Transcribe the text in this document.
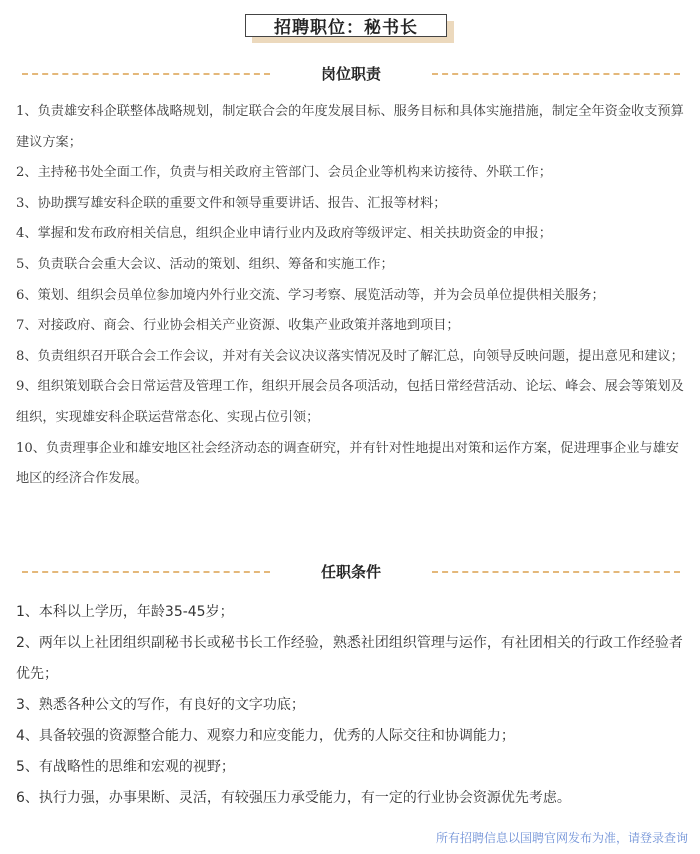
招聘职位：秘书长
岗位职责
1、负责雄安科企联整体战略规划，制定联合会的年度发展目标、服务目标和具体实施措施，制定全年资金收支预算建议方案；
2、主持秘书处全面工作，负责与相关政府主管部门、会员企业等机构来访接待、外联工作；
3、协助撰写雄安科企联的重要文件和领导重要讲话、报告、汇报等材料；
4、掌握和发布政府相关信息，组织企业申请行业内及政府等级评定、相关扶助资金的申报；
5、负责联合会重大会议、活动的策划、组织、筹备和实施工作；
6、策划、组织会员单位参加境内外行业交流、学习考察、展览活动等，并为会员单位提供相关服务；
7、对接政府、商会、行业协会相关产业资源、收集产业政策并落地到项目；
8、负责组织召开联合会工作会议，并对有关会议决议落实情况及时了解汇总，向领导反映问题，提出意见和建议；
9、组织策划联合会日常运营及管理工作，组织开展会员各项活动，包括日常经营活动、论坛、峰会、展会等策划及组织，实现雄安科企联运营常态化、实现占位引领；
10、负责理事企业和雄安地区社会经济动态的调查研究，并有针对性地提出对策和运作方案，促进理事企业与雄安地区的经济合作发展。
任职条件
1、本科以上学历，年龄35-45岁；
2、两年以上社团组织副秘书长或秘书长工作经验，熟悉社团组织管理与运作，有社团相关的行政工作经验者优先；
3、熟悉各种公文的写作，有良好的文字功底；
4、具备较强的资源整合能力、观察力和应变能力，优秀的人际交往和协调能力；
5、有战略性的思维和宏观的视野；
6、执行力强，办事果断、灵活，有较强压力承受能力，有一定的行业协会资源优先考虑。
所有招聘信息以国聘官网发布为准，请登录查询
